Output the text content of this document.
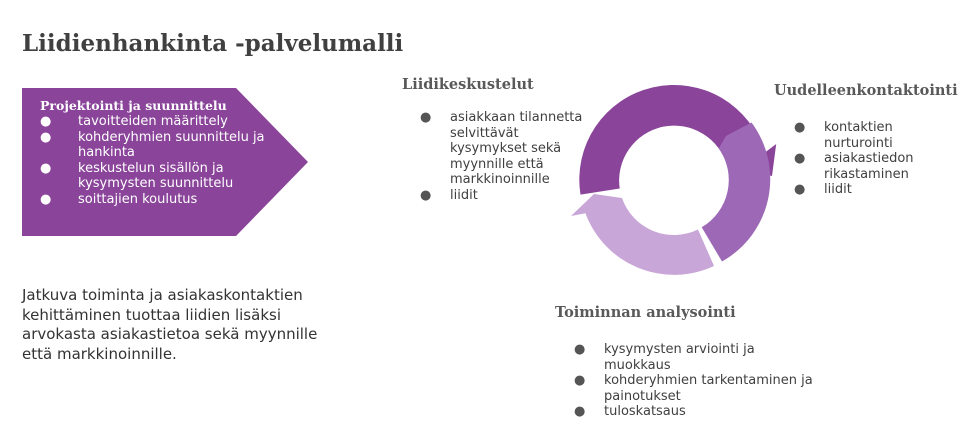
Liidienhankinta -palvelumalli
Projektointi ja suunnittelu
● tavoitteiden määrittely
● kohderyhmien suunnittelu ja hankinta
● keskustelun sisällön ja kysymysten suunnittelu
● soittajien koulutus
Jatkuva toiminta ja asiakaskontaktien kehittäminen tuottaa liidien lisäksi arvokasta asiakastietoa sekä myynnille että markkinoinnille.
Liidikeskustelut
● asiakkaan tilannetta selvittävät kysymykset sekä myynnille että markkinoinnille
● liidit
Uudelleenkontaktointi
● kontaktien nurturointi
● asiakastiedon rikastaminen
● liidit
Toiminnan analysointi
● kysymysten arviointi ja muokkaus
● kohderyhmien tarkentaminen ja painotukset
● tuloskatsaus
